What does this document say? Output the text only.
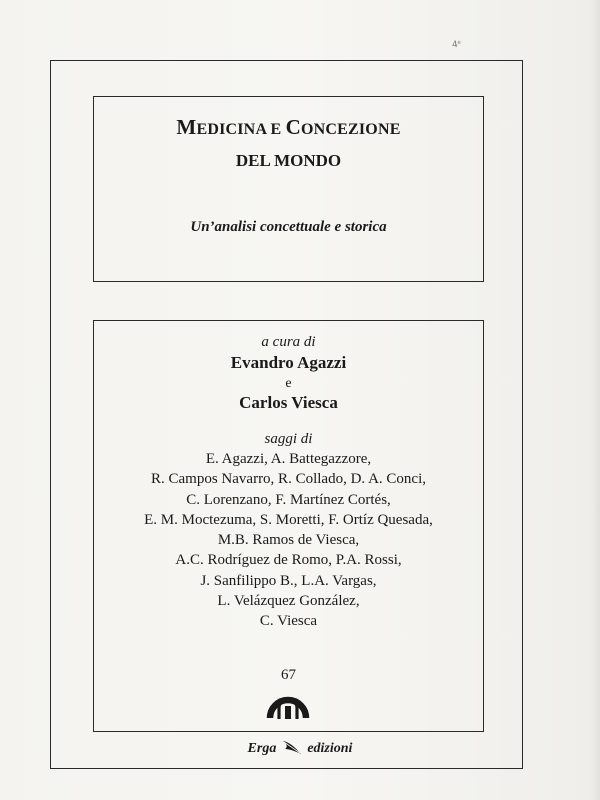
4ᵉ
MEDICINA E CONCEZIONE
DEL MONDO
Un’analisi concettuale e storica
a cura di
Evandro Agazzi
e
Carlos Viesca
saggi di
E. Agazzi, A. Battegazzore,
R. Campos Navarro, R. Collado, D. A. Conci,
C. Lorenzano, F. Martínez Cortés,
E. M. Moctezuma, S. Moretti, F. Ortíz Quesada,
M.B. Ramos de Viesca,
A.C. Rodríguez de Romo, P.A. Rossi,
J. Sanfilippo B., L.A. Vargas,
L. Velázquez González,
C. Viesca
67
Erga edizioni
